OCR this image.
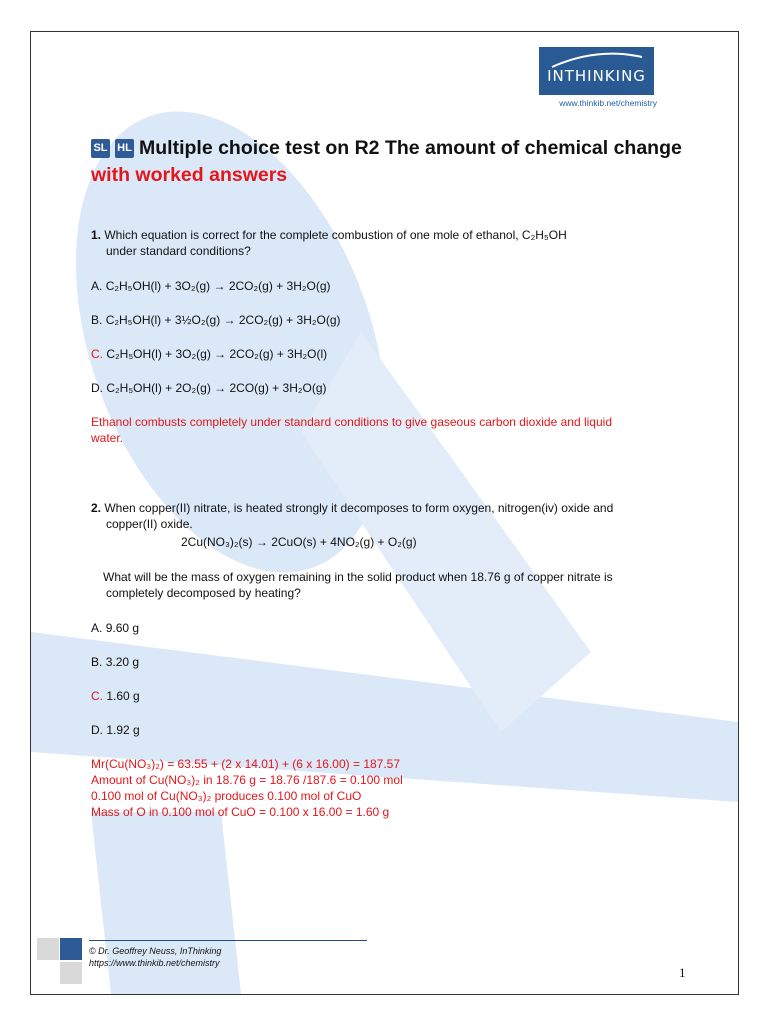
INTHINKING
www.thinkib.net/chemistry
SL HL Multiple choice test on R2 The amount of chemical change with worked answers
1. Which equation is correct for the complete combustion of one mole of ethanol, C₂H₅OH
under standard conditions?
A. C₂H₅OH(l) + 3O₂(g) → 2CO₂(g) + 3H₂O(g)
B. C₂H₅OH(l) + 3½O₂(g) → 2CO₂(g) + 3H₂O(g)
C. C₂H₅OH(l) + 3O₂(g) → 2CO₂(g) + 3H₂O(l)
D. C₂H₅OH(l) + 2O₂(g) → 2CO(g) + 3H₂O(g)
Ethanol combusts completely under standard conditions to give gaseous carbon dioxide and liquid
water.
2. When copper(II) nitrate, is heated strongly it decomposes to form oxygen, nitrogen(iv) oxide and
copper(II) oxide.
2Cu(NO₃)₂(s) → 2CuO(s) + 4NO₂(g) + O₂(g)
What will be the mass of oxygen remaining in the solid product when 18.76 g of copper nitrate is
completely decomposed by heating?
A. 9.60 g
B. 3.20 g
C. 1.60 g
D. 1.92 g
Mr(Cu(NO₃)₂) = 63.55 + (2 x 14.01) + (6 x 16.00) = 187.57
Amount of Cu(NO₃)₂ in 18.76 g = 18.76 /187.6 = 0.100 mol
0.100 mol of Cu(NO₃)₂ produces 0.100 mol of CuO
Mass of O in 0.100 mol of CuO = 0.100 x 16.00 = 1.60 g
© Dr. Geoffrey Neuss, InThinking
https://www.thinkib.net/chemistry
1
